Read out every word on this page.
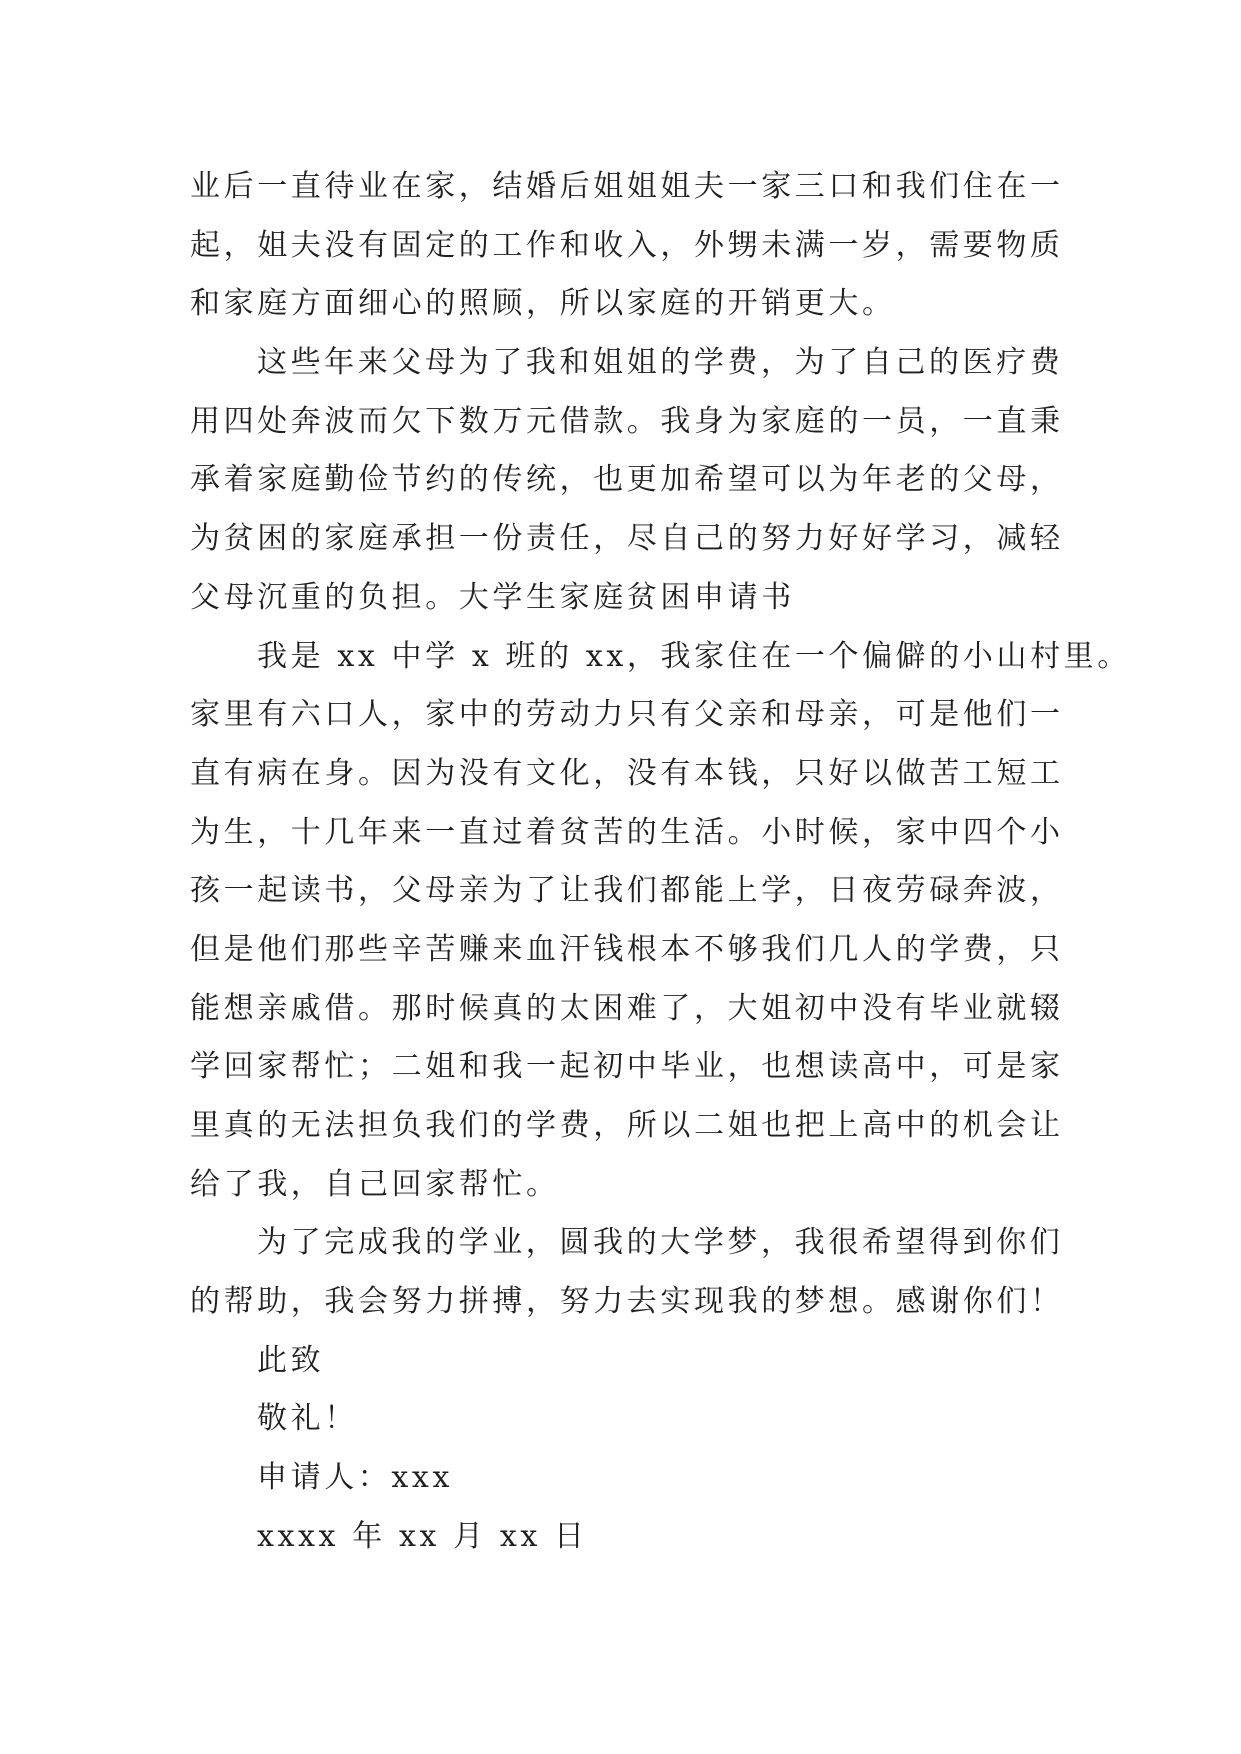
业后一直待业在家，结婚后姐姐姐夫一家三口和我们住在一
起，姐夫没有固定的工作和收入，外甥未满一岁，需要物质
和家庭方面细心的照顾，所以家庭的开销更大。
这些年来父母为了我和姐姐的学费，为了自己的医疗费
用四处奔波而欠下数万元借款。我身为家庭的一员，一直秉
承着家庭勤俭节约的传统，也更加希望可以为年老的父母，
为贫困的家庭承担一份责任，尽自己的努力好好学习，减轻
父母沉重的负担。大学生家庭贫困申请书
我是 xx 中学 x 班的 xx，我家住在一个偏僻的小山村里。
家里有六口人，家中的劳动力只有父亲和母亲，可是他们一
直有病在身。因为没有文化，没有本钱，只好以做苦工短工
为生，十几年来一直过着贫苦的生活。小时候，家中四个小
孩一起读书，父母亲为了让我们都能上学，日夜劳碌奔波，
但是他们那些辛苦赚来血汗钱根本不够我们几人的学费，只
能想亲戚借。那时候真的太困难了，大姐初中没有毕业就辍
学回家帮忙；二姐和我一起初中毕业，也想读高中，可是家
里真的无法担负我们的学费，所以二姐也把上高中的机会让
给了我，自己回家帮忙。
为了完成我的学业，圆我的大学梦，我很希望得到你们
的帮助，我会努力拼搏，努力去实现我的梦想。感谢你们！
此致
敬礼！
申请人：xxx
xxxx 年 xx 月 xx 日
